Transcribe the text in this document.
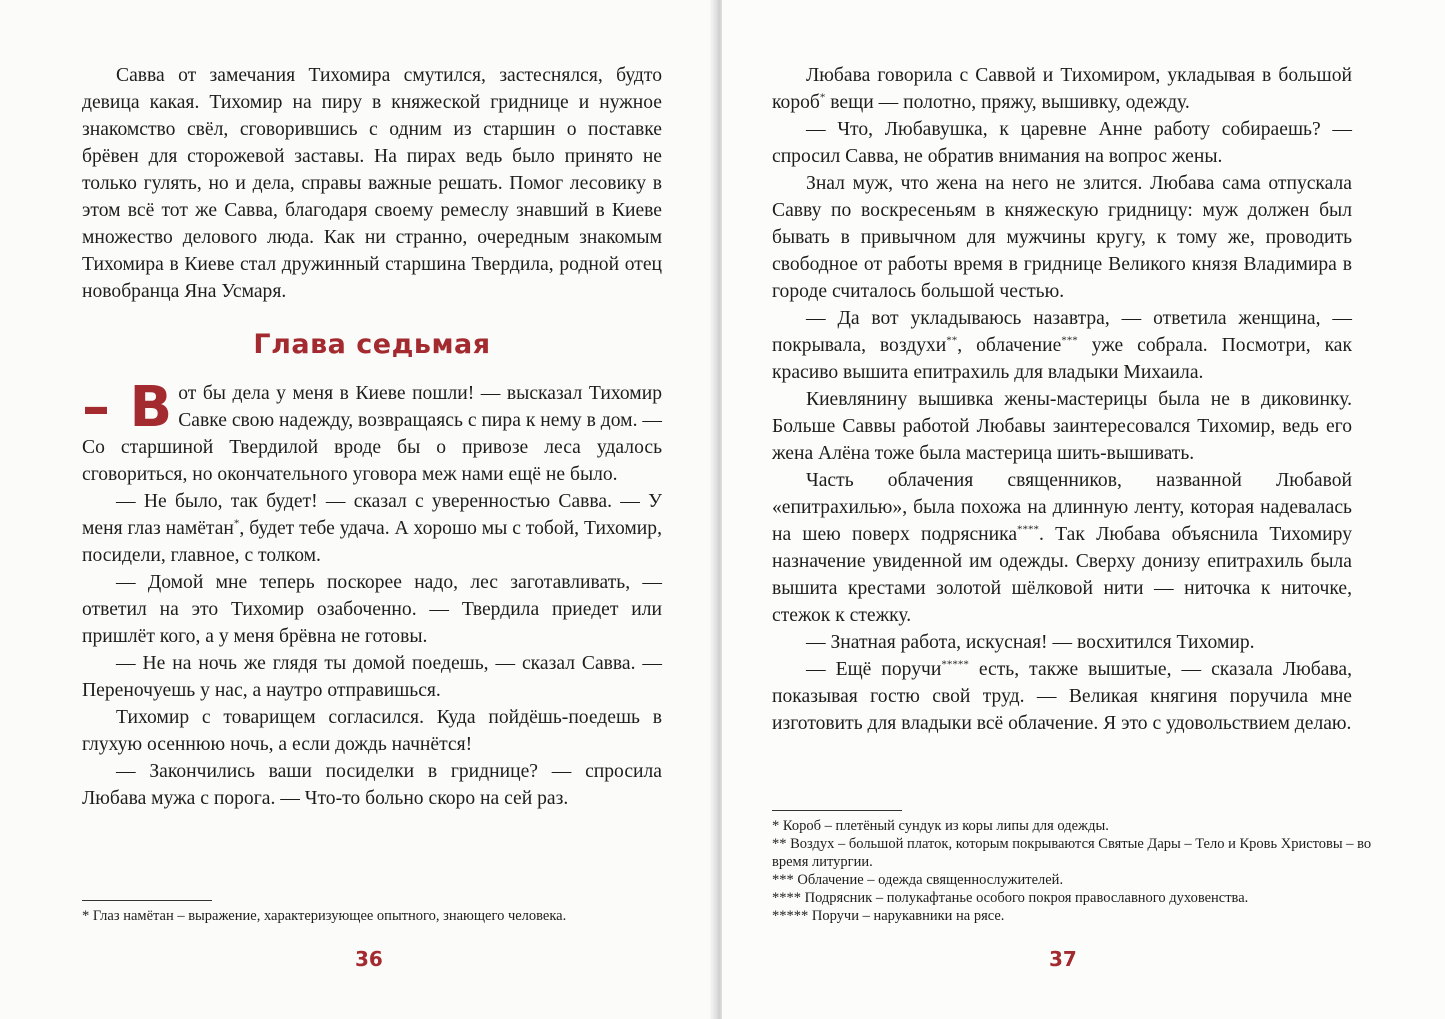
Савва от замечания Тихомира смутился, застеснялся, будто девица какая. Тихомир на пиру в княжеской гриднице и нужное знакомство свёл, сговорившись с одним из старшин о поставке брёвен для сторожевой заставы. На пирах ведь было принято не только гулять, но и дела, справы важные решать. Помог лесовику в этом всё тот же Савва, благодаря своему ремеслу знавший в Киеве множество делового люда. Как ни странно, очередным знакомым Тихомира в Киеве стал дружинный старшина Твердила, родной отец новобранца Яна Усмаря.

Глава седьмая

– В от бы дела у меня в Киеве пошли! — высказал Тихомир Савке свою надежду, возвращаясь с пира к нему в дом. — Со старшиной Твердилой вроде бы о привозе леса удалось сговориться, но окончательного уговора меж нами ещё не было.

— Не было, так будет! — сказал с уверенностью Савва. — У меня глаз намётан*, будет тебе удача. А хорошо мы с тобой, Тихомир, посидели, главное, с толком.

— Домой мне теперь поскорее надо, лес заготавливать, — ответил на это Тихомир озабоченно. — Твердила приедет или пришлёт кого, а у меня брёвна не готовы.

— Не на ночь же глядя ты домой поедешь, — сказал Савва. — Переночуешь у нас, а наутро отправишься.

Тихомир с товарищем согласился. Куда пойдёшь-поедешь в глухую осеннюю ночь, а если дождь начнётся!

— Закончились ваши посиделки в гриднице? — спросила Любава мужа с порога. — Что-то больно скоро на сей раз.

* Глаз намётан – выражение, характеризующее опытного, знающего человека.

36

Любава говорила с Саввой и Тихомиром, укладывая в большой короб* вещи — полотно, пряжу, вышивку, одежду.

— Что, Любавушка, к царевне Анне работу собираешь? — спросил Савва, не обратив внимания на вопрос жены.

Знал муж, что жена на него не злится. Любава сама отпускала Савву по воскресеньям в княжескую гридницу: муж должен был бывать в привычном для мужчины кругу, к тому же, проводить свободное от работы время в гриднице Великого князя Владимира в городе считалось большой честью.

— Да вот укладываюсь назавтра, — ответила женщина, — покрывала, воздухи**, облачение*** уже собрала. Посмотри, как красиво вышита епитрахиль для владыки Михаила.

Киевлянину вышивка жены-мастерицы была не в диковинку. Больше Саввы работой Любавы заинтересовался Тихомир, ведь его жена Алёна тоже была мастерица шить-вышивать.

Часть облачения священников, названной Любавой «епитрахилью», была похожа на длинную ленту, которая надевалась на шею поверх подрясника****. Так Любава объяснила Тихомиру назначение увиденной им одежды. Сверху донизу епитрахиль была вышита крестами золотой шёлковой нити — ниточка к ниточке, стежок к стежку.

— Знатная работа, искусная! — восхитился Тихомир.

— Ещё поручи***** есть, также вышитые, — сказала Любава, показывая гостю свой труд. — Великая княгиня поручила мне изготовить для владыки всё облачение. Я это с удовольствием делаю.

* Короб – плетёный сундук из коры липы для одежды.

** Воздух – большой платок, которым покрываются Святые Дары – Тело и Кровь Христовы – во время литургии.

*** Облачение – одежда священнослужителей.

**** Подрясник – полукафтанье особого покроя православного духовенства.

***** Поручи – нарукавники на рясе.

37
